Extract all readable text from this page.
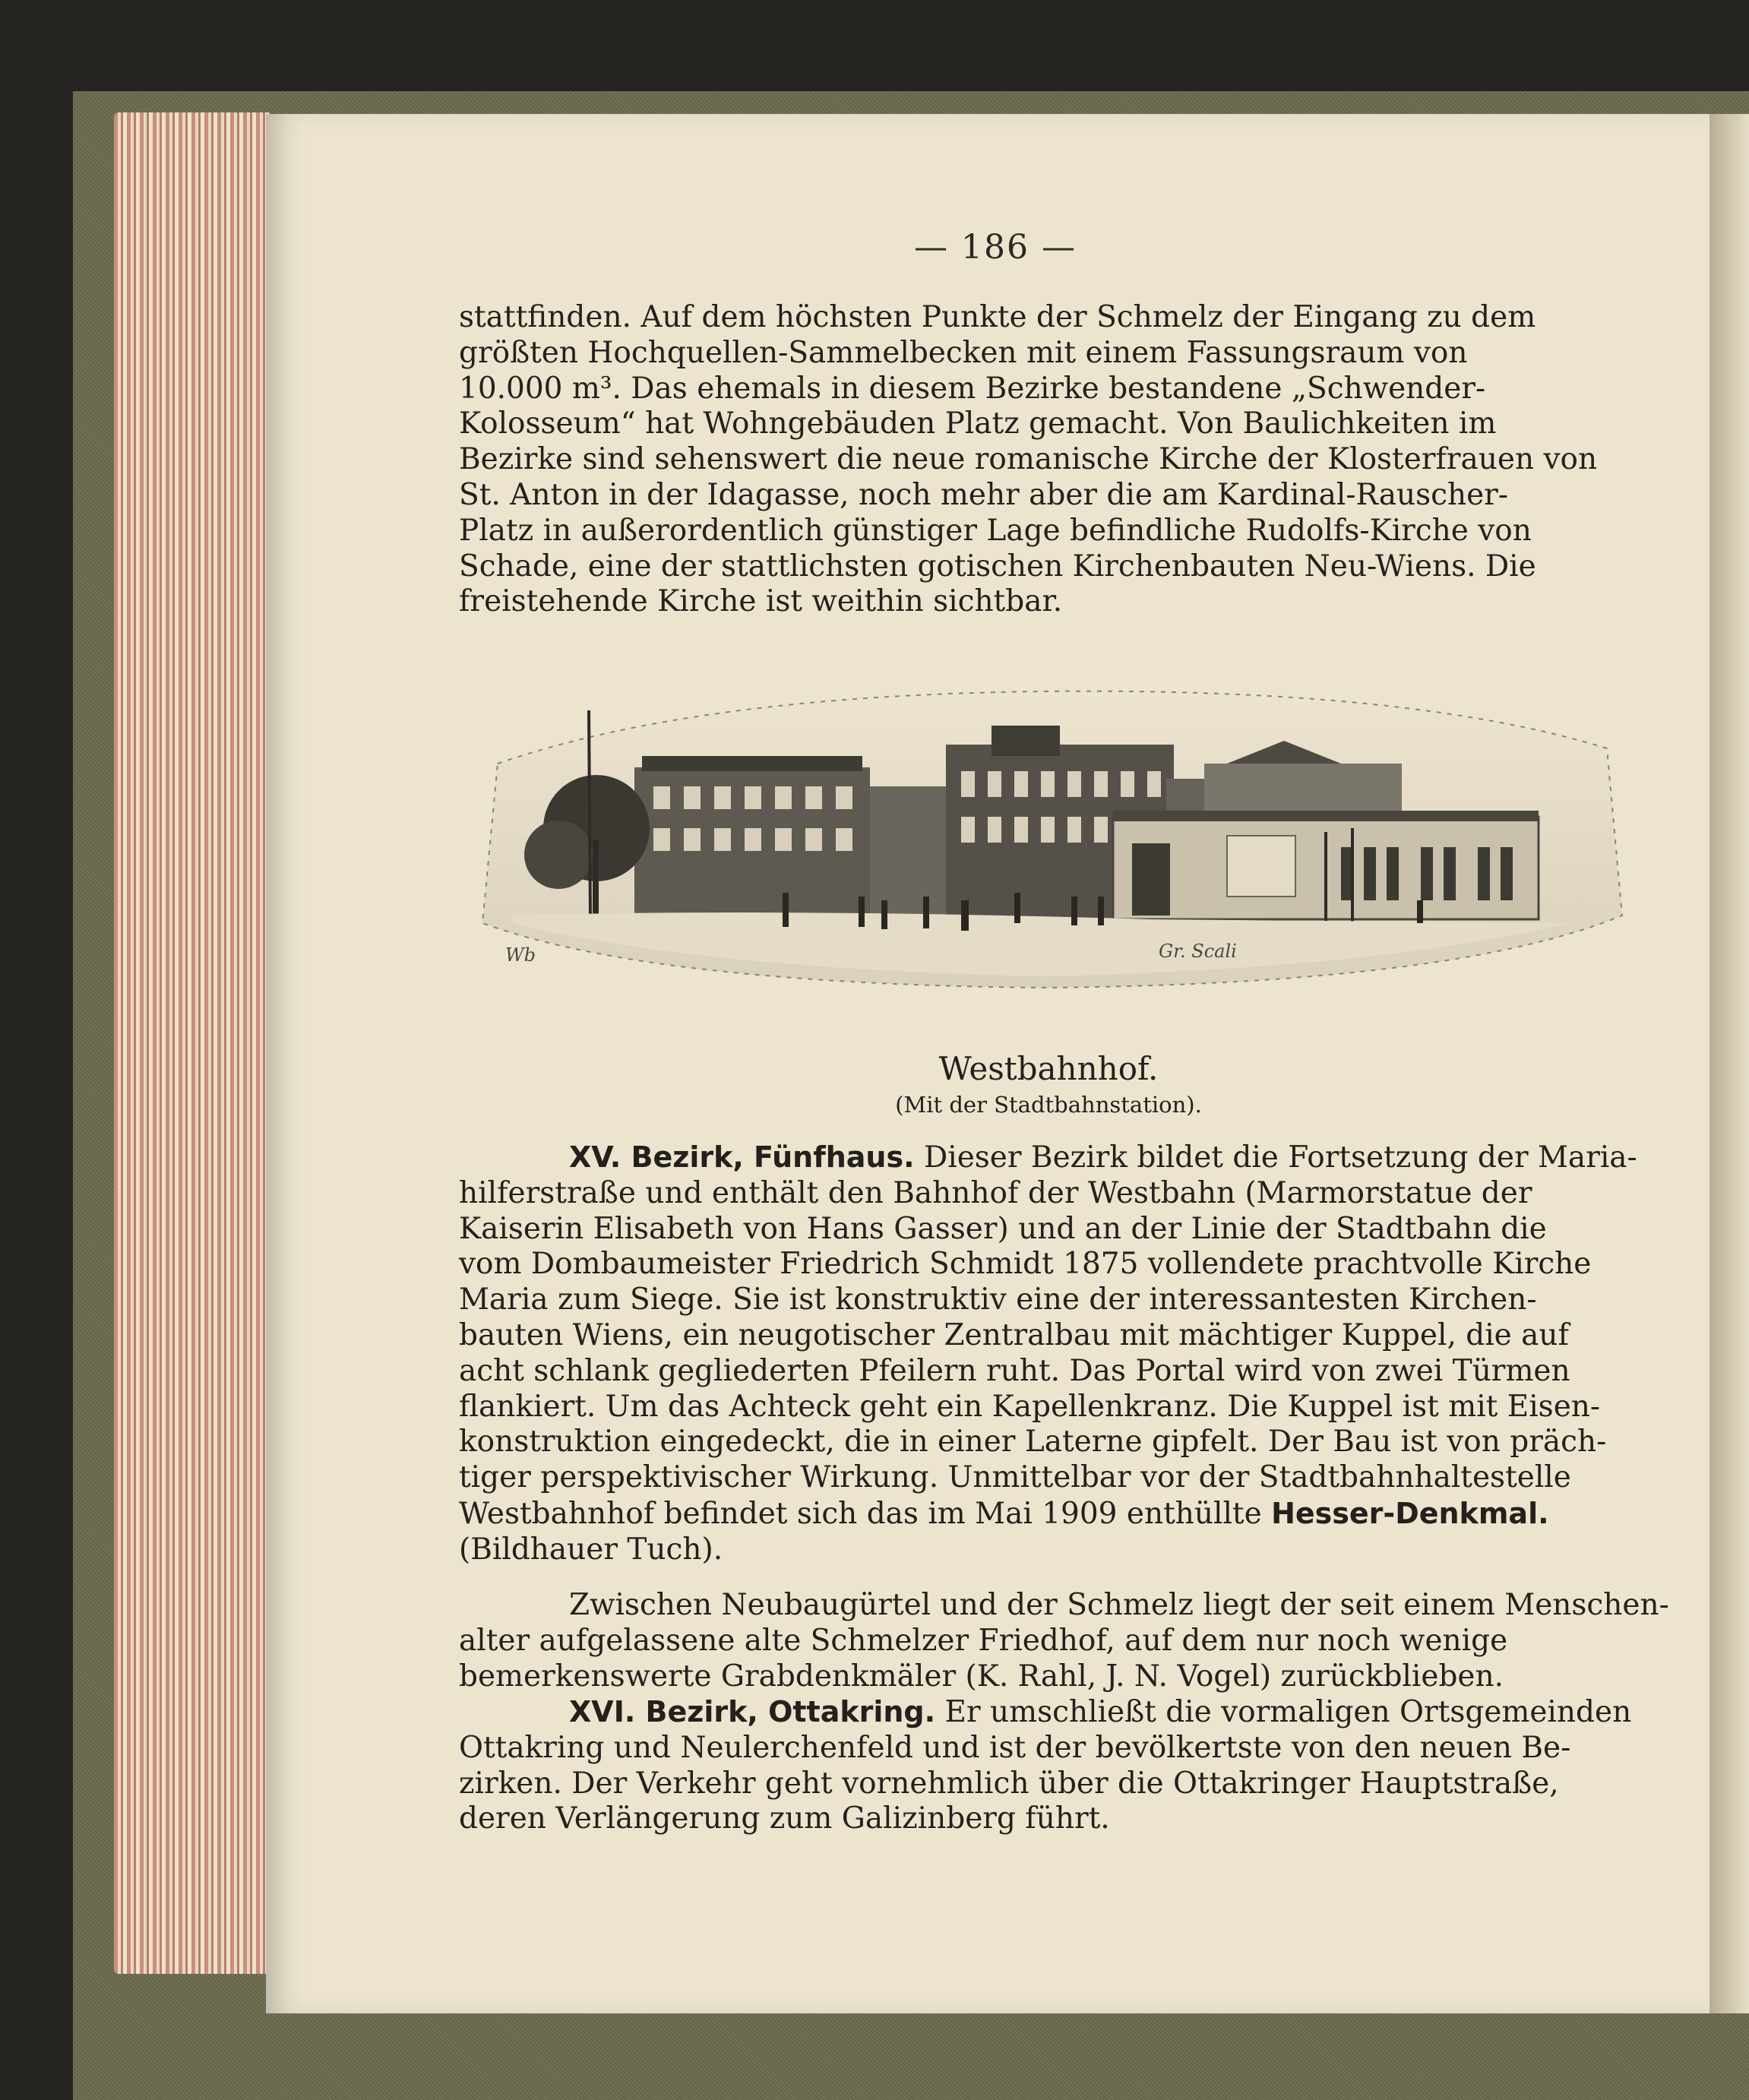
— 186 —
stattfinden. Auf dem höchsten Punkte der Schmelz der Eingang zu dem
größten Hochquellen-Sammelbecken mit einem Fassungsraum von
10.000 m³. Das ehemals in diesem Bezirke bestandene „Schwender-
Kolosseum“ hat Wohngebäuden Platz gemacht. Von Baulichkeiten im
Bezirke sind sehenswert die neue romanische Kirche der Klosterfrauen von
St. Anton in der Idagasse, noch mehr aber die am Kardinal-Rauscher-
Platz in außerordentlich günstiger Lage befindliche Rudolfs-Kirche von
Schade, eine der stattlichsten gotischen Kirchenbauten Neu-Wiens. Die
freistehende Kirche ist weithin sichtbar.
Wb	Gr. Scali
Westbahnhof.
(Mit der Stadtbahnstation).
XV. Bezirk, Fünfhaus. Dieser Bezirk bildet die Fortsetzung der Maria-
hilferstraße und enthält den Bahnhof der Westbahn (Marmorstatue der
Kaiserin Elisabeth von Hans Gasser) und an der Linie der Stadtbahn die
vom Dombaumeister Friedrich Schmidt 1875 vollendete prachtvolle Kirche
Maria zum Siege. Sie ist konstruktiv eine der interessantesten Kirchen-
bauten Wiens, ein neugotischer Zentralbau mit mächtiger Kuppel, die auf
acht schlank gegliederten Pfeilern ruht. Das Portal wird von zwei Türmen
flankiert. Um das Achteck geht ein Kapellenkranz. Die Kuppel ist mit Eisen-
konstruktion eingedeckt, die in einer Laterne gipfelt. Der Bau ist von präch-
tiger perspektivischer Wirkung. Unmittelbar vor der Stadtbahnhaltestelle
Westbahnhof befindet sich das im Mai 1909 enthüllte Hesser-Denkmal.
(Bildhauer Tuch).
Zwischen Neubaugürtel und der Schmelz liegt der seit einem Menschen-
alter aufgelassene alte Schmelzer Friedhof, auf dem nur noch wenige
bemerkenswerte Grabdenkmäler (K. Rahl, J. N. Vogel) zurückblieben.
XVI. Bezirk, Ottakring. Er umschließt die vormaligen Ortsgemeinden
Ottakring und Neulerchenfeld und ist der bevölkertste von den neuen Be-
zirken. Der Verkehr geht vornehmlich über die Ottakringer Hauptstraße,
deren Verlängerung zum Galizinberg führt.
